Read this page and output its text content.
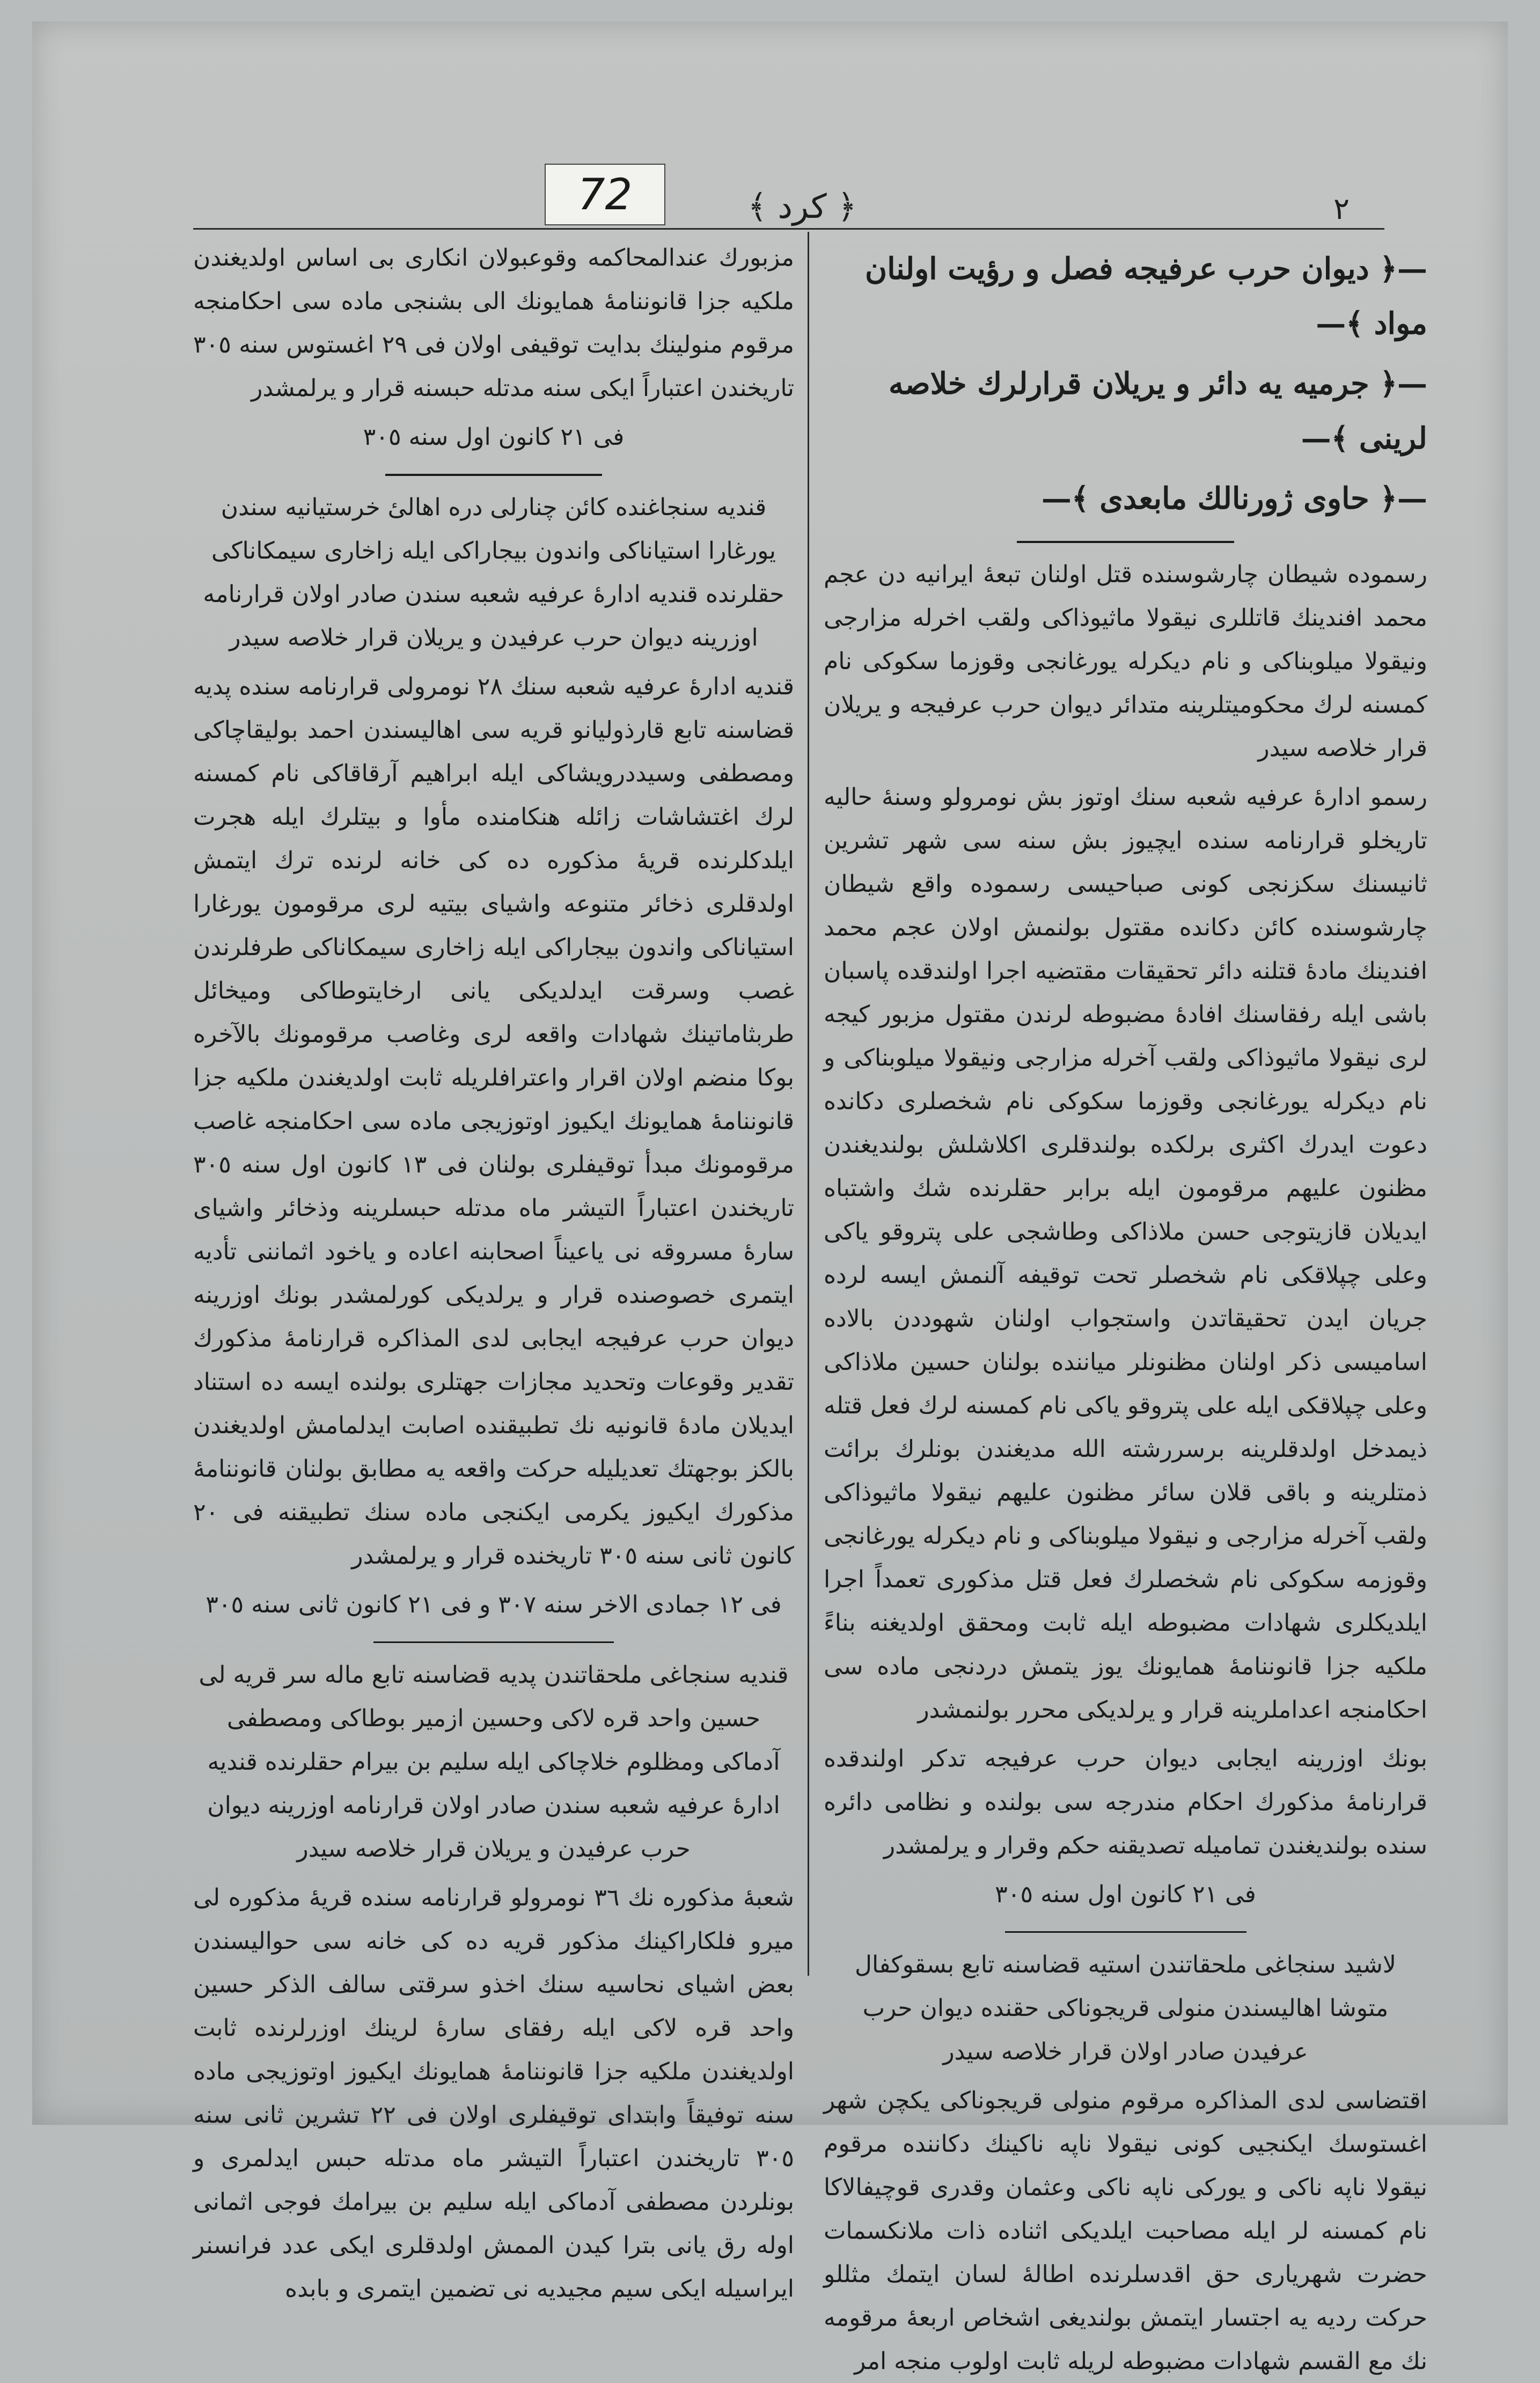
72	﴿ کرد ﴾	٢

—﴿ دیوان حرب عرفیجه فصل و رؤیت اولنان مواد ﴾—

—﴿ جرمیه یه دائر و یریلان قرارلرك خلاصه لرینی ﴾—

—﴿ حاوی ژورنالك مابعدی ﴾—

رسموده شیطان چارشوسنده قتل اولنان تبعهٔ ایرانیه دن عجم محمد افندینك قاتللری نیقولا ماثیوذاكی ولقب اخرله مزارجی ونیقولا میلوبناكی و نام دیكرله یورغانجی وقوزما سكوكی نام كمسنه لرك محكومیتلرینه متدائر دیوان حرب عرفیجه و یریلان قرار خلاصه سیدر

رسمو ادارهٔ عرفیه شعبه سنك اوتوز بش نومرولو وسنهٔ حالیه تاریخلو قرارنامه سنده ایچیوز بش سنه سی شهر تشرین ثانیسنك سكزنجی كونی صباحیسی رسموده واقع شیطان چارشوسنده كائن دكانده مقتول بولنمش اولان عجم محمد افندینك مادهٔ قتلنه دائر تحقیقات مقتضیه اجرا اولندقده پاسبان باشی ایله رفقاسنك افادهٔ مضبوطه لرندن مقتول مزبور كیجه لری نیقولا ماثیوذاكی ولقب آخرله مزارجی ونیقولا میلوبناكی و نام دیكرله یورغانجی وقوزما سكوكی نام شخصلری دكانده دعوت ایدرك اكثری برلكده بولندقلری اكلاشلش بولندیغندن مظنون علیهم مرقومون ایله برابر حقلرنده شك واشتباه ایدیلان قازیتوجی حسن ملاذاكی وطاشجی علی پتروقو یاكی وعلی چپلاقكی نام شخصلر تحت توقیفه آلنمش ایسه لرده جریان ایدن تحقیقاتدن واستجواب اولنان شهوددن بالاده اسامیسی ذكر اولنان مظنونلر میاننده بولنان حسین ملاذاكی وعلی چپلاقكی ایله علی پتروقو یاكی نام كمسنه لرك فعل قتله ذیمدخل اولدقلرینه برسررشته الله مدیغندن بونلرك برائت ذمتلرینه و باقی قلان سائر مظنون علیهم نیقولا ماثیوذاكی ولقب آخرله مزارجی و نیقولا میلوبناكی و نام دیكرله یورغانجی وقوزمه سكوكی نام شخصلرك فعل قتل مذكوری تعمداً اجرا ایلدیكلری شهادات مضبوطه ایله ثابت ومحقق اولدیغنه بناءً ملكیه جزا قانوننامهٔ همایونك یوز یتمش دردنجی ماده سی احكامنجه اعداملرینه قرار و یرلدیكی محرر بولنمشدر

بونك اوزرینه ایجابی دیوان حرب عرفیجه تدكر اولندقده قرارنامهٔ مذكورك احكام مندرجه سی بولنده و نظامی دائره سنده بولندیغندن تمامیله تصدیقنه حكم وقرار و یرلمشدر

فی ٢١ كانون اول سنه ٣٠٥

لاشید سنجاغی ملحقاتندن استیه قضاسنه تابع بسقوكفال متوشا اهالیسندن منولی قریجوناكی حقنده دیوان حرب عرفیدن صادر اولان قرار خلاصه سیدر

اقتضاسی لدی المذاكره مرقوم منولی قریجوناكی یكچن شهر اغستوسك ایكنجیی كونی نیقولا ناپه ناكینك دكاننده مرقوم نیقولا ناپه ناكی و یوركی ناپه ناكی وعثمان وقدری قوچیفالاكا نام كمسنه لر ایله مصاحبت ایلدیكی اثناده ذات ملانكسمات حضرت شهریاری حق اقدسلرنده اطالهٔ لسان ایتمك مثللو حركت ردیه یه اجتسار ایتمش بولندیغی اشخاص اربعهٔ مرقومه نك مع القسم شهادات مضبوطه لریله ثابت اولوب منجه امر

مزبورك عندالمحاكمه وقوعبولان انكاری بی اساس اولدیغندن ملكیه جزا قانوننامهٔ همایونك الی بشنجی ماده سی احكامنجه مرقوم منولینك بدایت توقیفی اولان فی ٢٩ اغستوس سنه ٣٠٥ تاریخندن اعتباراً ایكی سنه مدتله حبسنه قرار و یرلمشدر

فی ٢١ كانون اول سنه ٣٠٥

قندیه سنجاغنده كائن چنارلی دره اهالیٔ خرستیانیه سندن یورغارا استیاناكی واندون بیجاراكی ایله زاخاری سیمكاناكی حقلرنده قندیه ادارهٔ عرفیه شعبه سندن صادر اولان قرارنامه اوزرینه دیوان حرب عرفیدن و یریلان قرار خلاصه سیدر

قندیه ادارهٔ عرفیه شعبه سنك ٢٨ نومرولی قرارنامه سنده پدیه قضاسنه تابع قارذولیانو قریه سی اهالیسندن احمد بولیقاچاكی ومصطفی وسیددرویشاكی ایله ابراهیم آرقاقاكی نام كمسنه لرك اغتشاشات زائله هنكامنده مأوا و بیتلرك ایله هجرت ایلدكلرنده قریهٔ مذكوره ده كی خانه لرنده ترك ایتمش اولدقلری ذخائر متنوعه واشیای بیتیه لری مرقومون یورغارا استیاناكی واندون بیجاراكی ایله زاخاری سیمكاناكی طرفلرندن غصب وسرقت ایدلدیكی یانی ارخایتوطاكی ومیخائل طربثاماتینك شهادات واقعه لری وغاصب مرقومونك بالآخره بوكا منضم اولان اقرار واعترافلریله ثابت اولدیغندن ملكیه جزا قانوننامهٔ همایونك ایكیوز اوتوزیجی ماده سی احكامنجه غاصب مرقومونك مبدأ توقیفلری بولنان فی ١٣ كانون اول سنه ٣٠٥ تاریخندن اعتباراً التیشر ماه مدتله حبسلرینه وذخائر واشیای سارهٔ مسروقه نی یاعیناً اصحابنه اعاده و یاخود اثماننی تأدیه ایتمری خصوصنده قرار و یرلدیكی كورلمشدر بونك اوزرینه دیوان حرب عرفیجه ایجابی لدی المذاكره قرارنامهٔ مذكورك تقدیر وقوعات وتحدید مجازات جهتلری بولنده ایسه ده استناد ایدیلان مادهٔ قانونیه نك تطبیقنده اصابت ایدلمامش اولدیغندن بالكز بوجهتك تعدیلیله حركت واقعه یه مطابق بولنان قانوننامهٔ مذكورك ایكیوز یكرمی ایكنجی ماده سنك تطبیقنه فی ٢٠ كانون ثانی سنه ٣٠٥ تاریخنده قرار و یرلمشدر

فی ١٢ جمادی الاخر سنه ٣٠٧ و فی ٢١ كانون ثانی سنه ٣٠٥

قندیه سنجاغی ملحقاتندن پدیه قضاسنه تابع ماله سر قریه لی حسین واحد قره لاكی وحسین ازمیر بوطاكی ومصطفی آدماكی ومظلوم خلاچاكی ایله سلیم بن بیرام حقلرنده قندیه ادارهٔ عرفیه شعبه سندن صادر اولان قرارنامه اوزرینه دیوان حرب عرفیدن و یریلان قرار خلاصه سیدر

شعبهٔ مذكوره نك ٣٦ نومرولو قرارنامه سنده قریهٔ مذكوره لی میرو فلكاراكینك مذكور قریه ده كی خانه سی حوالیسندن بعض اشیای نحاسیه سنك اخذو سرقتی سالف الذكر حسین واحد قره لاكی ایله رفقای سارهٔ لرینك اوزرلرنده ثابت اولدیغندن ملكیه جزا قانوننامهٔ همایونك ایكیوز اوتوزیجی ماده سنه توفیقاً وابتدای توقیفلری اولان فی ٢٢ تشرین ثانی سنه ٣٠٥ تاریخندن اعتباراً التیشر ماه مدتله حبس ایدلمری و بونلردن مصطفی آدماكی ایله سلیم بن بیرامك فوجی اثمانی اوله رق یانی بترا كیدن الممش اولدقلری ایكی عدد فرانسنر ایراسیله ایكی سیم مجیدیه نی تضمین ایتمری و بابده
